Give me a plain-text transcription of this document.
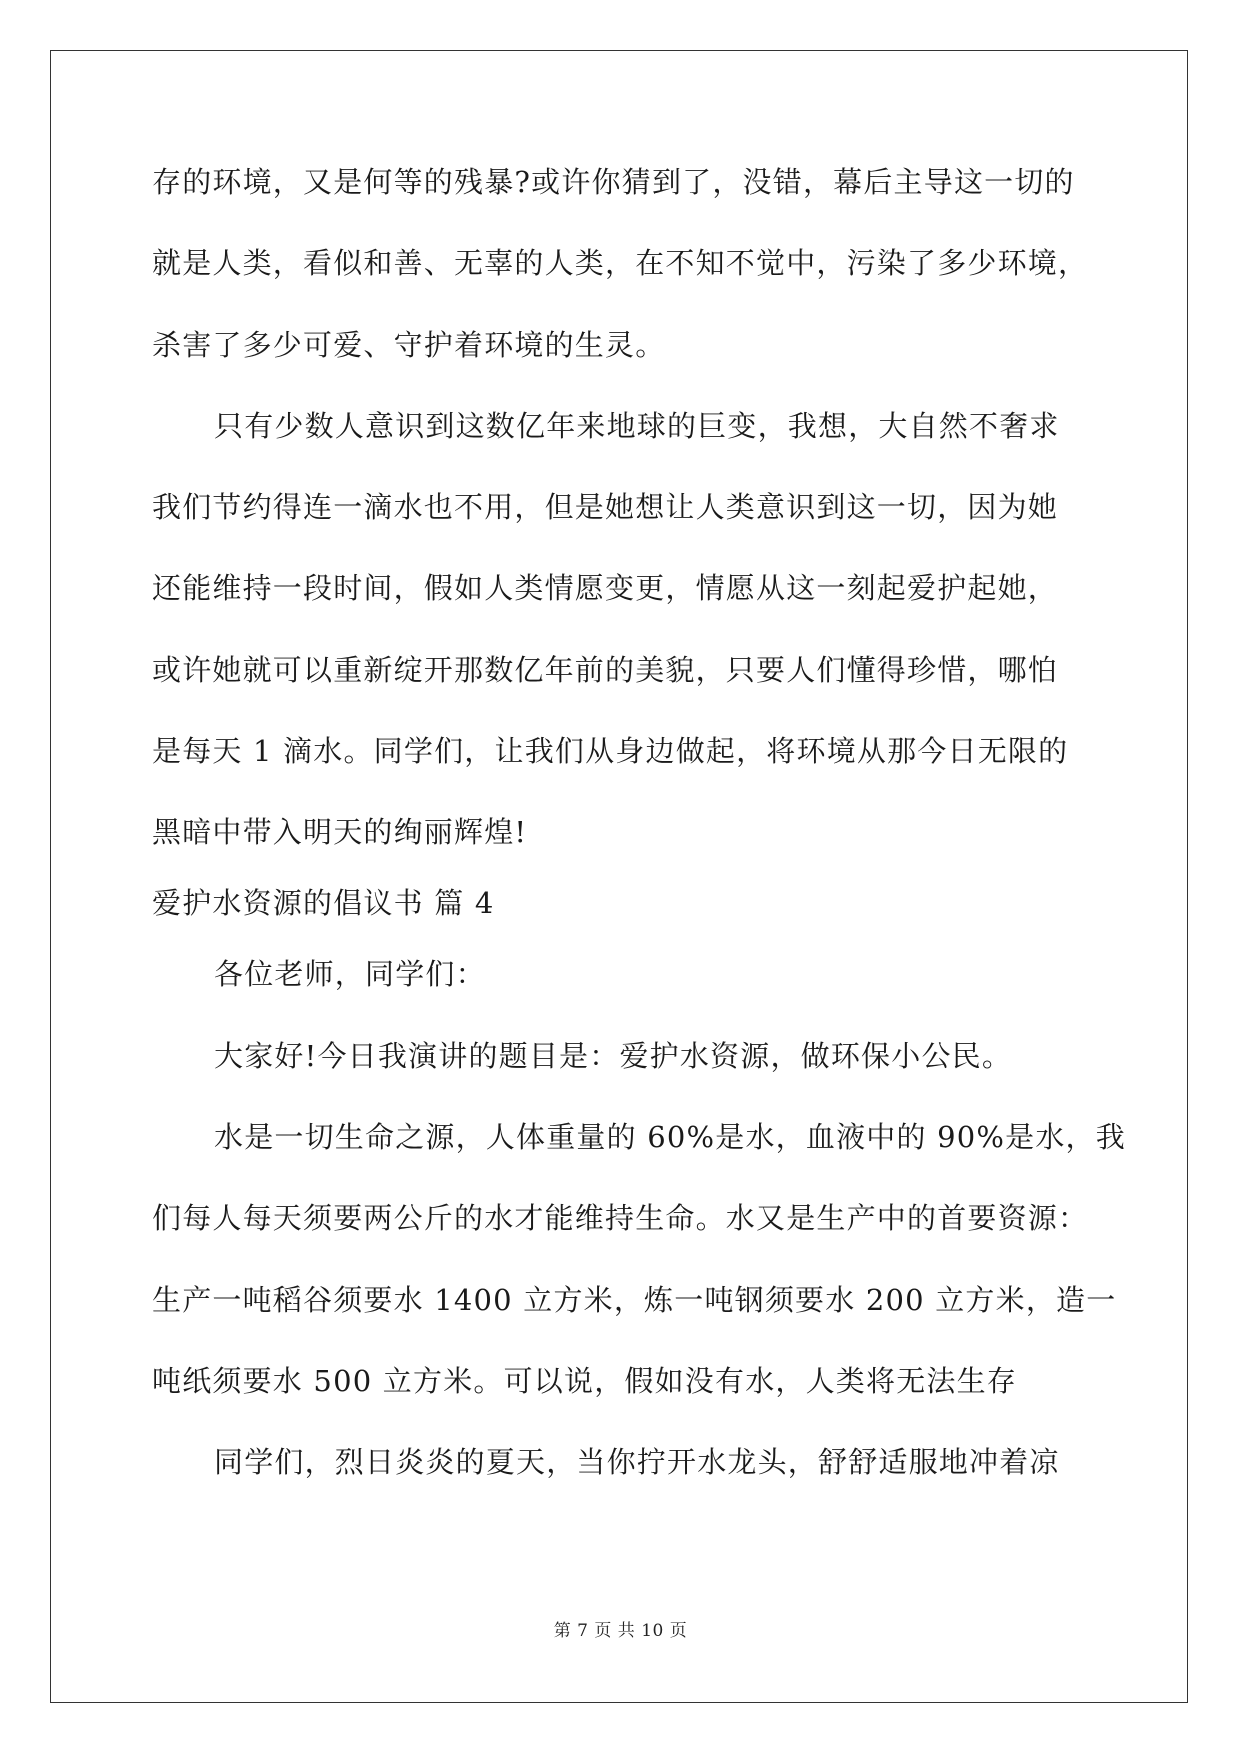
存的环境，又是何等的残暴?或许你猜到了，没错，幕后主导这一切的
就是人类，看似和善、无辜的人类，在不知不觉中，污染了多少环境，
杀害了多少可爱、守护着环境的生灵。
只有少数人意识到这数亿年来地球的巨变，我想，大自然不奢求
我们节约得连一滴水也不用，但是她想让人类意识到这一切，因为她
还能维持一段时间，假如人类情愿变更，情愿从这一刻起爱护起她，
或许她就可以重新绽开那数亿年前的美貌，只要人们懂得珍惜，哪怕
是每天 1 滴水。同学们，让我们从身边做起，将环境从那今日无限的
黑暗中带入明天的绚丽辉煌!
爱护水资源的倡议书 篇 4
各位老师，同学们：
大家好!今日我演讲的题目是：爱护水资源，做环保小公民。
水是一切生命之源，人体重量的 60%是水，血液中的 90%是水，我
们每人每天须要两公斤的水才能维持生命。水又是生产中的首要资源：
生产一吨稻谷须要水 1400 立方米，炼一吨钢须要水 200 立方米，造一
吨纸须要水 500 立方米。可以说，假如没有水，人类将无法生存
同学们，烈日炎炎的夏天，当你拧开水龙头，舒舒适服地冲着凉
第 7 页 共 10 页
